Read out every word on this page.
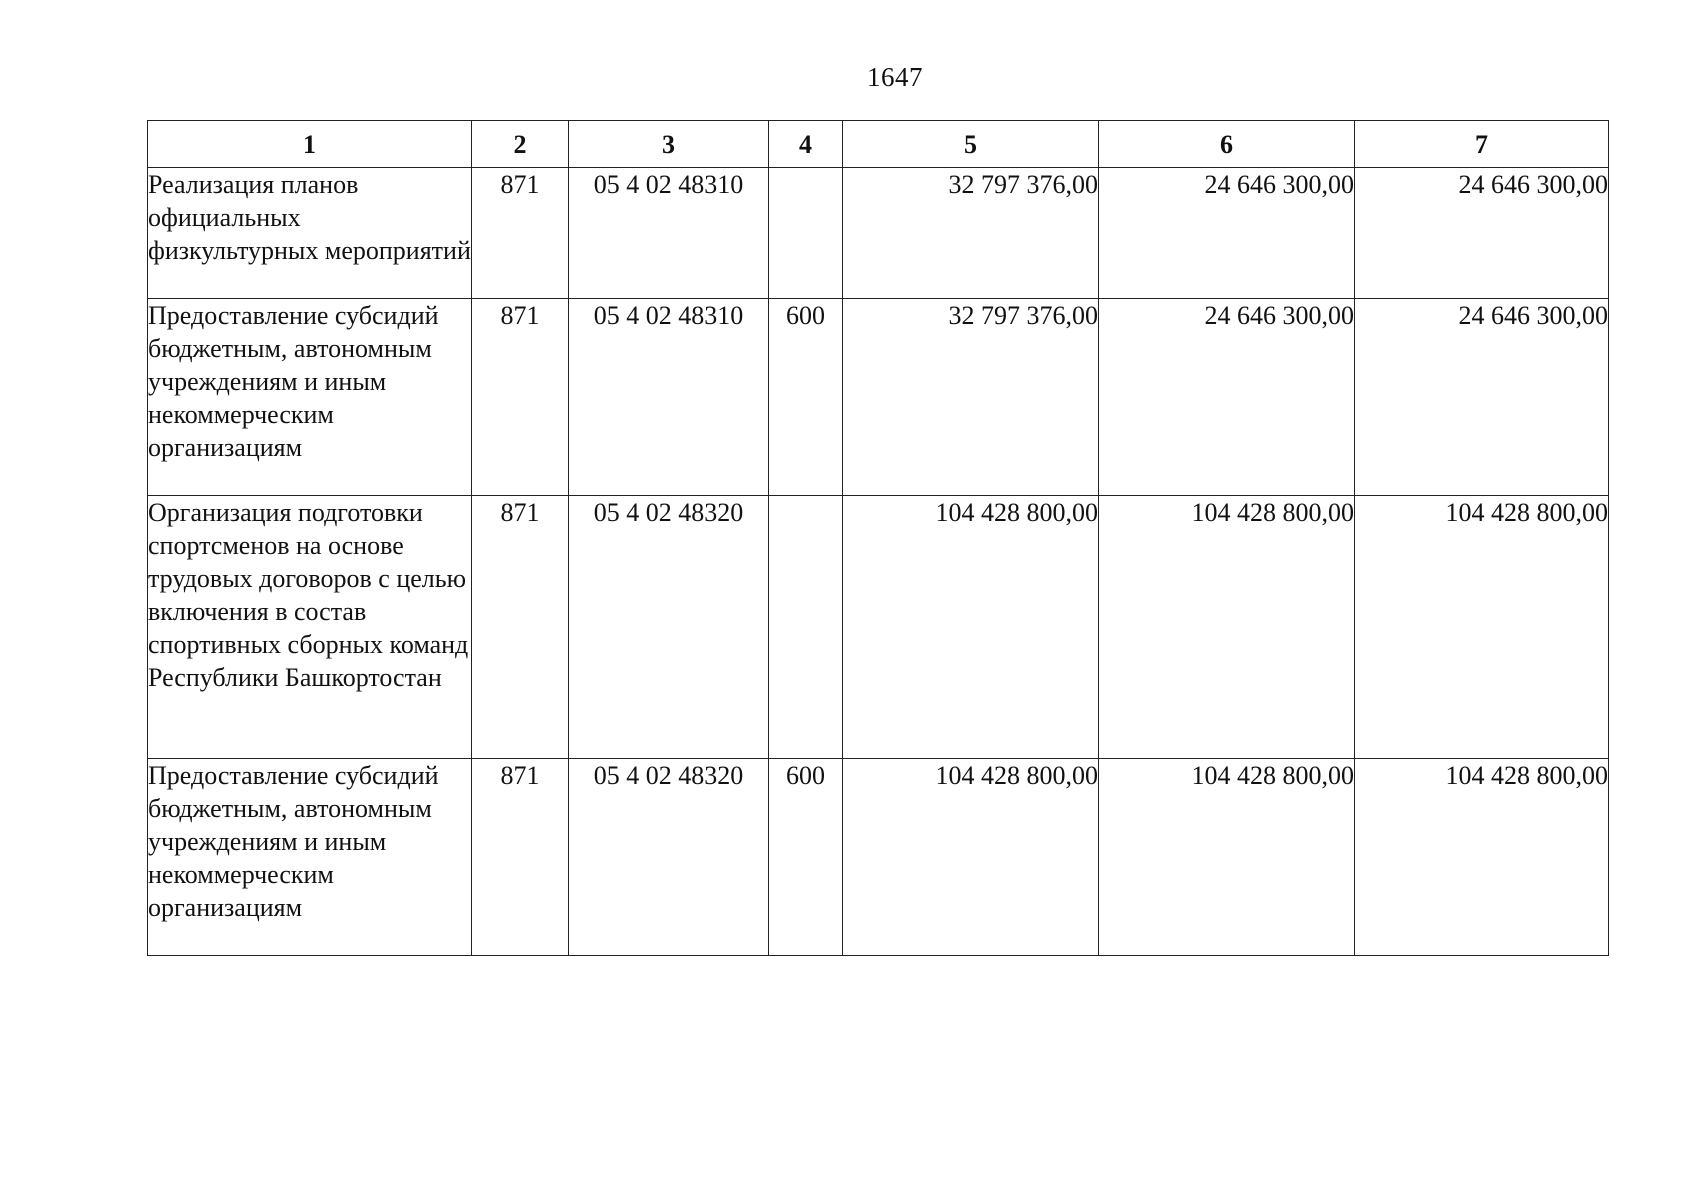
1647
1	2	3	4	5	6	7
Реализация планов официальных физкультурных мероприятий	871	05 4 02 48310		32 797 376,00	24 646 300,00	24 646 300,00
Предоставление субсидий бюджетным, автономным учреждениям и иным некоммерческим организациям	871	05 4 02 48310	600	32 797 376,00	24 646 300,00	24 646 300,00
Организация подготовки спортсменов на основе трудовых договоров с целью включения в состав спортивных сборных команд Республики Башкортостан	871	05 4 02 48320		104 428 800,00	104 428 800,00	104 428 800,00
Предоставление субсидий бюджетным, автономным учреждениям и иным некоммерческим организациям	871	05 4 02 48320	600	104 428 800,00	104 428 800,00	104 428 800,00
